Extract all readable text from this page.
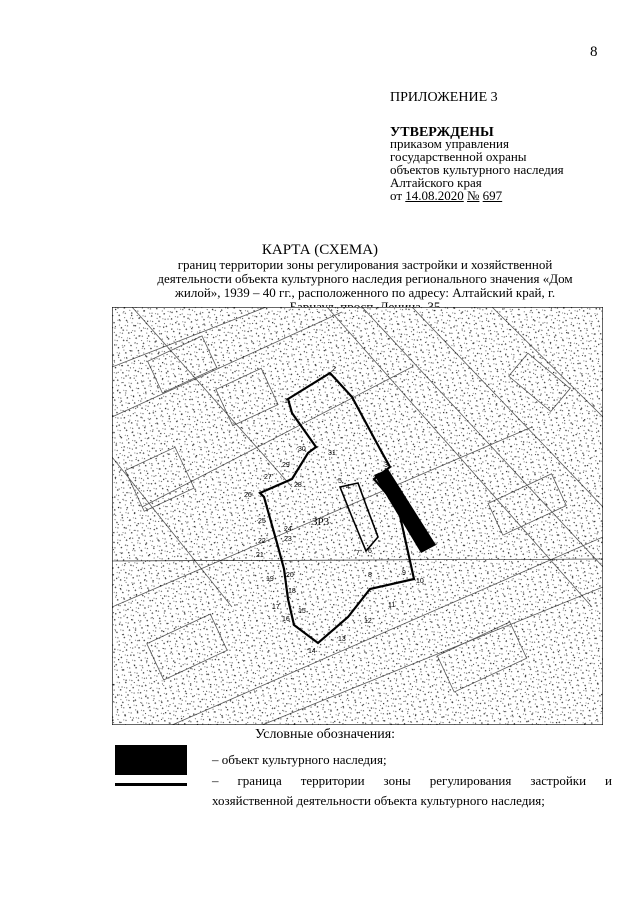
8
ПРИЛОЖЕНИЕ 3
УТВЕРЖДЕНЫ
приказом управления
государственной охраны
объектов культурного наследия
Алтайского края
от 14.08.2020 № 697
КАРТА (СХЕМА)
границ территории зоны регулирования застройки и хозяйственной деятельности объекта культурного наследия регионального значения «Дом жилой», 1939 – 40 гг., расположенного по адресу: Алтайский край, г.
ЗР3
1
2
3
4
5
6
7
8	9
10
11
12
13
14
15
16
17
18
19
20
21
22	23
24
25
26
27
28
29
30
31
Условные обозначения:
– объект культурного наследия;
– граница территории зоны регулирования застройки и
хозяйственной деятельности объекта культурного наследия;
